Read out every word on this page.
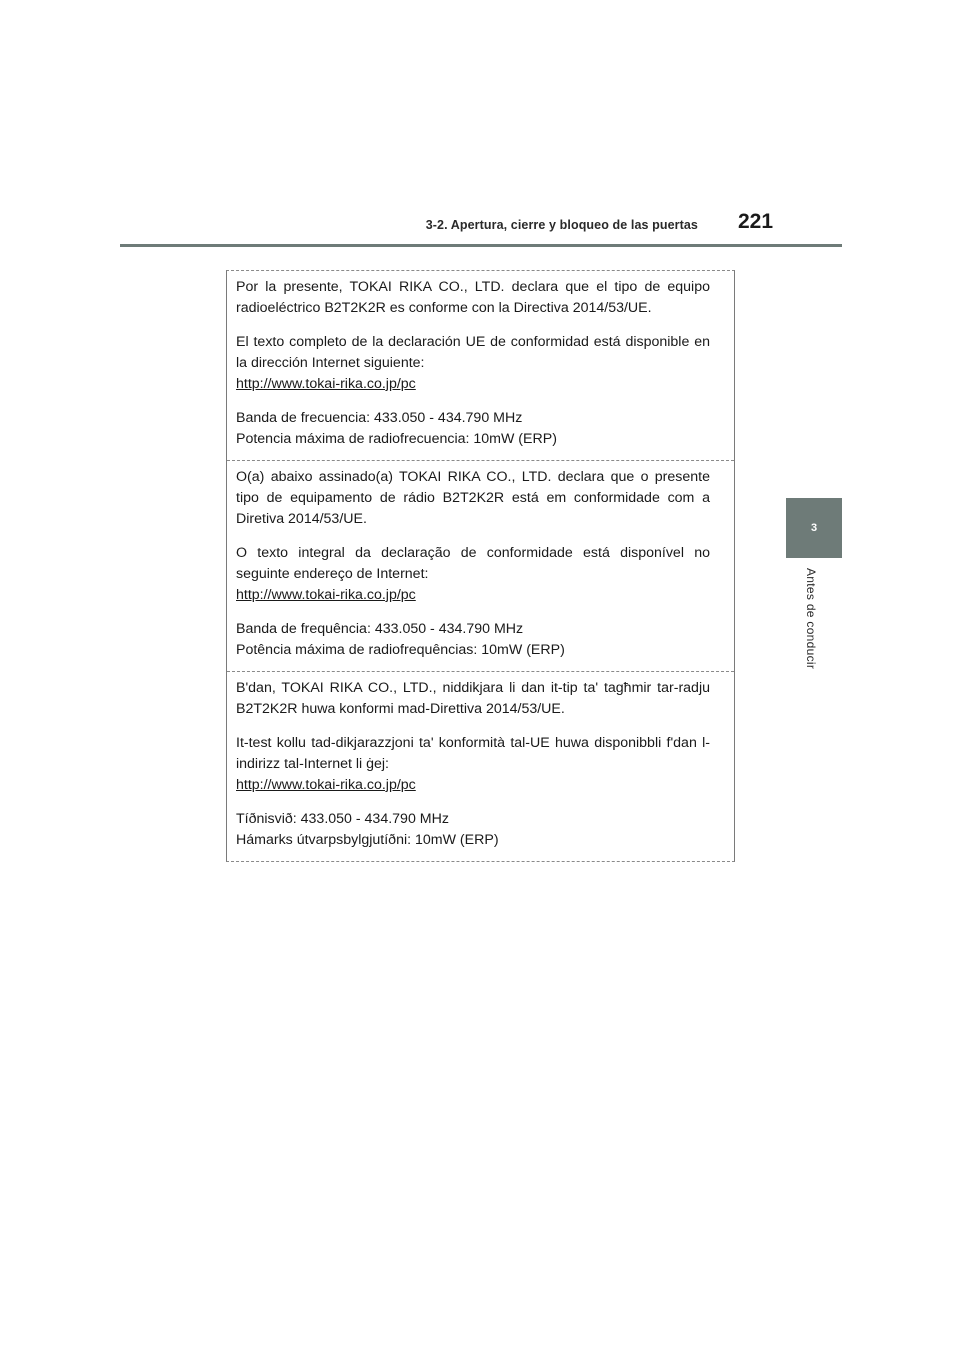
3-2. Apertura, cierre y bloqueo de las puertas 221
3
Antes de conducir

Por la presente, TOKAI RIKA CO., LTD. declara que el tipo de equipo radioeléctrico B2T2K2R es conforme con la Directiva 2014/53/UE.

El texto completo de la declaración UE de conformidad está disponible en la dirección Internet siguiente:

http://www.tokai-rika.co.jp/pc

Banda de frecuencia: 433.050 - 434.790 MHz

Potencia máxima de radiofrecuencia: 10mW (ERP)

O(a) abaixo assinado(a) TOKAI RIKA CO., LTD. declara que o presente tipo de equipamento de rádio B2T2K2R está em conformidade com a Diretiva 2014/53/UE.

O texto integral da declaração de conformidade está disponível no seguinte endereço de Internet:

http://www.tokai-rika.co.jp/pc

Banda de frequência: 433.050 - 434.790 MHz

Potência máxima de radiofrequências: 10mW (ERP)

B'dan, TOKAI RIKA CO., LTD., niddikjara li dan it-tip ta' tagħmir tar-radju B2T2K2R huwa konformi mad-Direttiva 2014/53/UE.

It-test kollu tad-dikjarazzjoni ta' konformità tal-UE huwa disponibbli f'dan l-indirizz tal-Internet li ġej:

http://www.tokai-rika.co.jp/pc

Tíðnisvið: 433.050 - 434.790 MHz

Hámarks útvarpsbylgjutíðni: 10mW (ERP)
